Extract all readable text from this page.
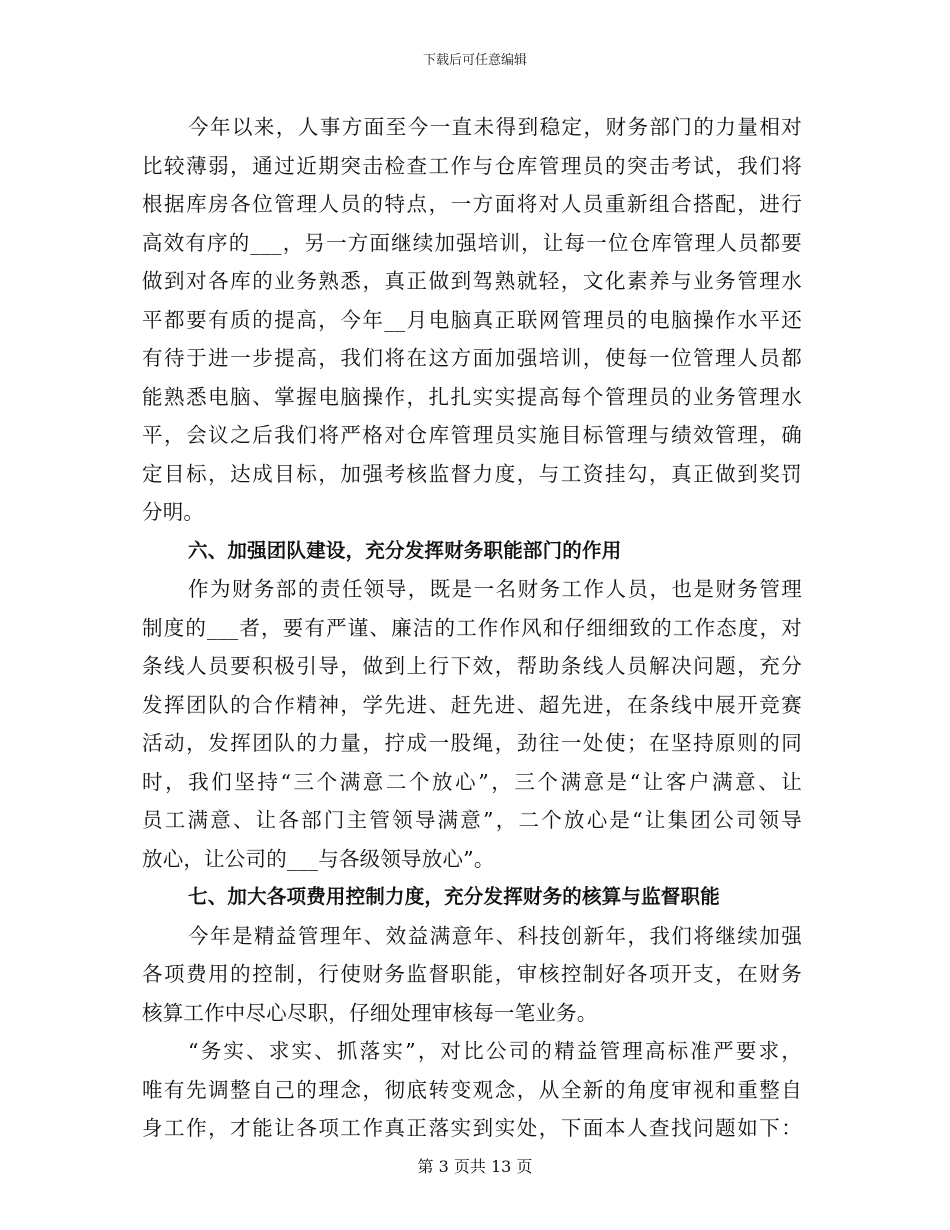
下载后可任意编辑
今年以来，人事方面至今一直未得到稳定，财务部门的力量相对
比较薄弱，通过近期突击检查工作与仓库管理员的突击考试，我们将
根据库房各位管理人员的特点，一方面将对人员重新组合搭配，进行
高效有序的___，另一方面继续加强培训，让每一位仓库管理人员都要
做到对各库的业务熟悉，真正做到驾熟就轻，文化素养与业务管理水
平都要有质的提高，今年__月电脑真正联网管理员的电脑操作水平还
有待于进一步提高，我们将在这方面加强培训，使每一位管理人员都
能熟悉电脑、掌握电脑操作，扎扎实实提高每个管理员的业务管理水
平，会议之后我们将严格对仓库管理员实施目标管理与绩效管理，确
定目标，达成目标，加强考核监督力度，与工资挂勾，真正做到奖罚
分明。
六、加强团队建设，充分发挥财务职能部门的作用
作为财务部的责任领导，既是一名财务工作人员，也是财务管理
制度的___者，要有严谨、廉洁的工作作风和仔细细致的工作态度，对
条线人员要积极引导，做到上行下效，帮助条线人员解决问题，充分
发挥团队的合作精神，学先进、赶先进、超先进，在条线中展开竞赛
活动，发挥团队的力量，拧成一股绳，劲往一处使；在坚持原则的同
时，我们坚持“三个满意二个放心”，三个满意是“让客户满意、让
员工满意、让各部门主管领导满意”，二个放心是“让集团公司领导
放心，让公司的___与各级领导放心”。
七、加大各项费用控制力度，充分发挥财务的核算与监督职能
今年是精益管理年、效益满意年、科技创新年，我们将继续加强
各项费用的控制，行使财务监督职能，审核控制好各项开支，在财务
核算工作中尽心尽职，仔细处理审核每一笔业务。
“务实、求实、抓落实”，对比公司的精益管理高标准严要求，
唯有先调整自己的理念，彻底转变观念，从全新的角度审视和重整自
身工作，才能让各项工作真正落实到实处，下面本人查找问题如下：
第 3 页共 13 页
